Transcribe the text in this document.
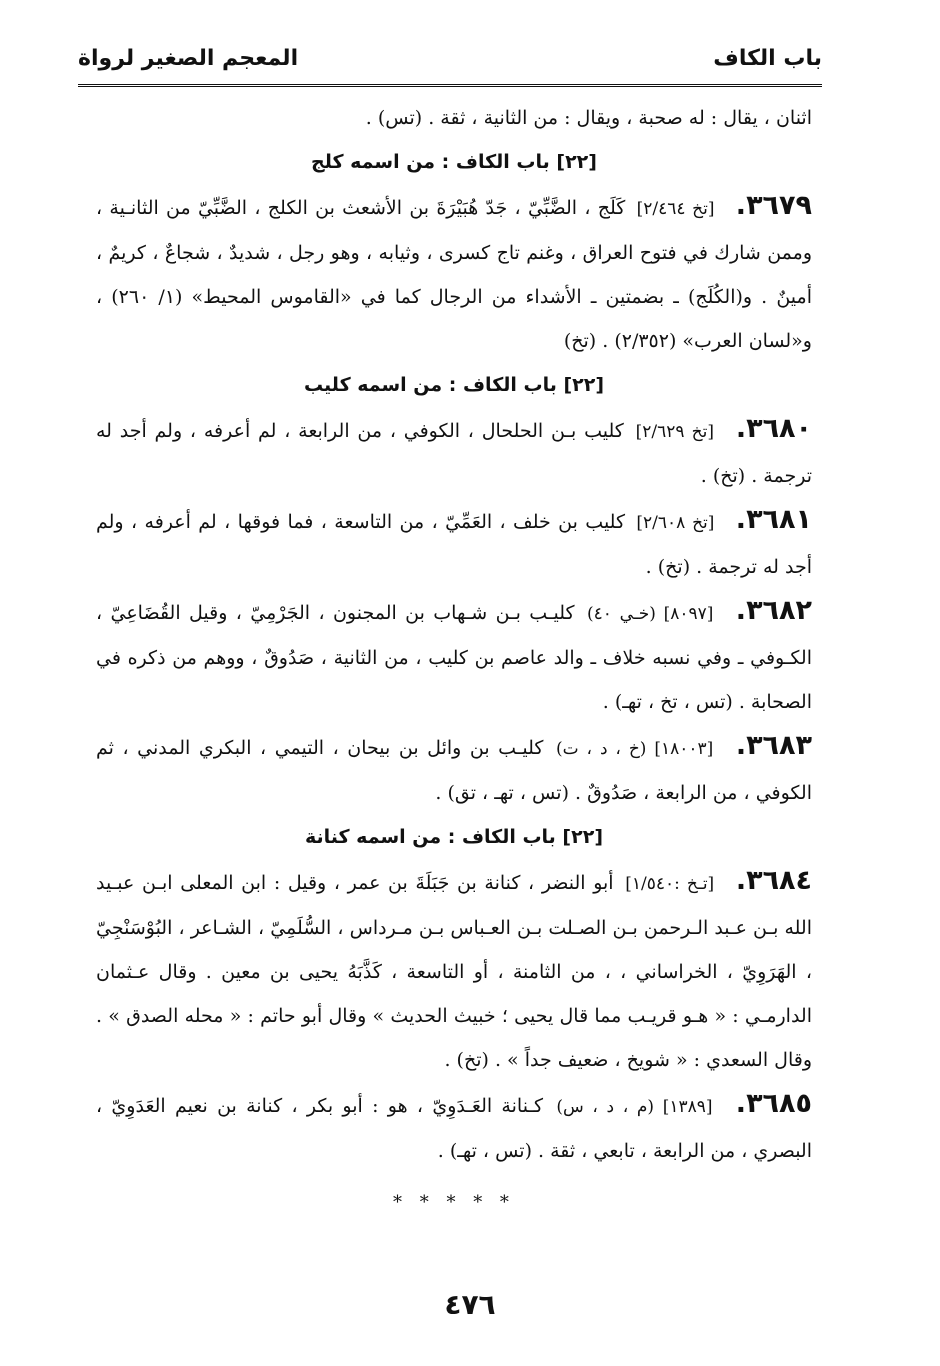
باب الكاف
المعجم الصغير لرواة

اثنان ، يقال : له صحبة ، ويقال : من الثانية ، ثقة . (تس) .

[٢٢] باب الكاف : من اسمه كلج

٣٦٧٩. [تخ ٢/٤٦٤] كَلَج ، الضَّبِّيّ ، جَدّ هُبَيْرَةَ بن الأشعث بن الكلج ، الضَّبِّيّ من الثانـية ، وممن شارك في فتوح العراق ، وغنم تاج كسرى ، وثيابه ، وهو رجل ، شديدٌ ، شجاعٌ ، كريمٌ ، أمينٌ . و(الكُلَج) ـ بضمتين ـ الأشداء من الرجال كما في «القاموس المحيط» (١/ ٢٦٠) ، و«لسان العرب» (٢/٣٥٢) . (تخ)

[٢٢] باب الكاف : من اسمه كليب

٣٦٨٠. [تخ ٢/٦٢٩] كليب بـن الحلحال ، الكوفي ، من الرابعة ، لم أعرفه ، ولم أجد له ترجمة . (تخ) .

٣٦٨١. [تخ ٢/٦٠٨] كليب بن خلف ، العَمِّيّ ، من التاسعة ، فما فوقها ، لم أعرفه ، ولم أجد له ترجمة . (تخ) .

٣٦٨٢. [٨٠٩٧] (خـي ٤٠) كليـب بـن شـهاب بن المجنون ، الجَرْمِيّ ، وقيل القُضَاعِيّ ، الكـوفي ـ وفي نسبه خلاف ـ والد عاصم بن كليب ، من الثانية ، صَدُوقٌ ، ووهم من ذكره في الصحابة . (تس ، تخ ، تهـ) .

٣٦٨٣. [١٨٠٠٣] (خ ، د ، ت) كليـب بن وائل بن بيحان ، التيمي ، البكري المدني ، ثم الكوفي ، من الرابعة ، صَدُوقٌ . (تس ، تهـ ، تق) .

[٢٢] باب الكاف : من اسمه كنانة

٣٦٨٤. [تـخ :١/٥٤٠] أبو النضر ، كنانة بن جَبَلَةَ بن عمر ، وقيل : ابن المعلى ابـن عبـيد الله بـن عـبد الـرحمن بـن الصـلت بـن العـباس بـن مـرداس ، السُّلَمِيّ ، الشـاعر ، البُوْسَنْجِيّ ، الهَرَوِيّ ، الخراساني ، ، من الثامنة ، أو التاسعة ، كَذَّبَهُ يحيى بن معين . وقال عـثمان الدارمـي : « هـو قريـب مما قال يحيى ؛ خبيث الحديث » وقال أبو حاتم : « محله الصدق » . وقال السعدي : « شويخ ، ضعيف جداً » . (تخ) .

٣٦٨٥. [١٣٨٩] (م ، د ، س) كـنانة العَـدَوِيّ ، هو : أبو بكر ، كنانة بن نعيم العَدَوِيّ ، البصري ، من الرابعة ، تابعي ، ثقة . (تس ، تهـ) .

* * * * *

٤٧٦
